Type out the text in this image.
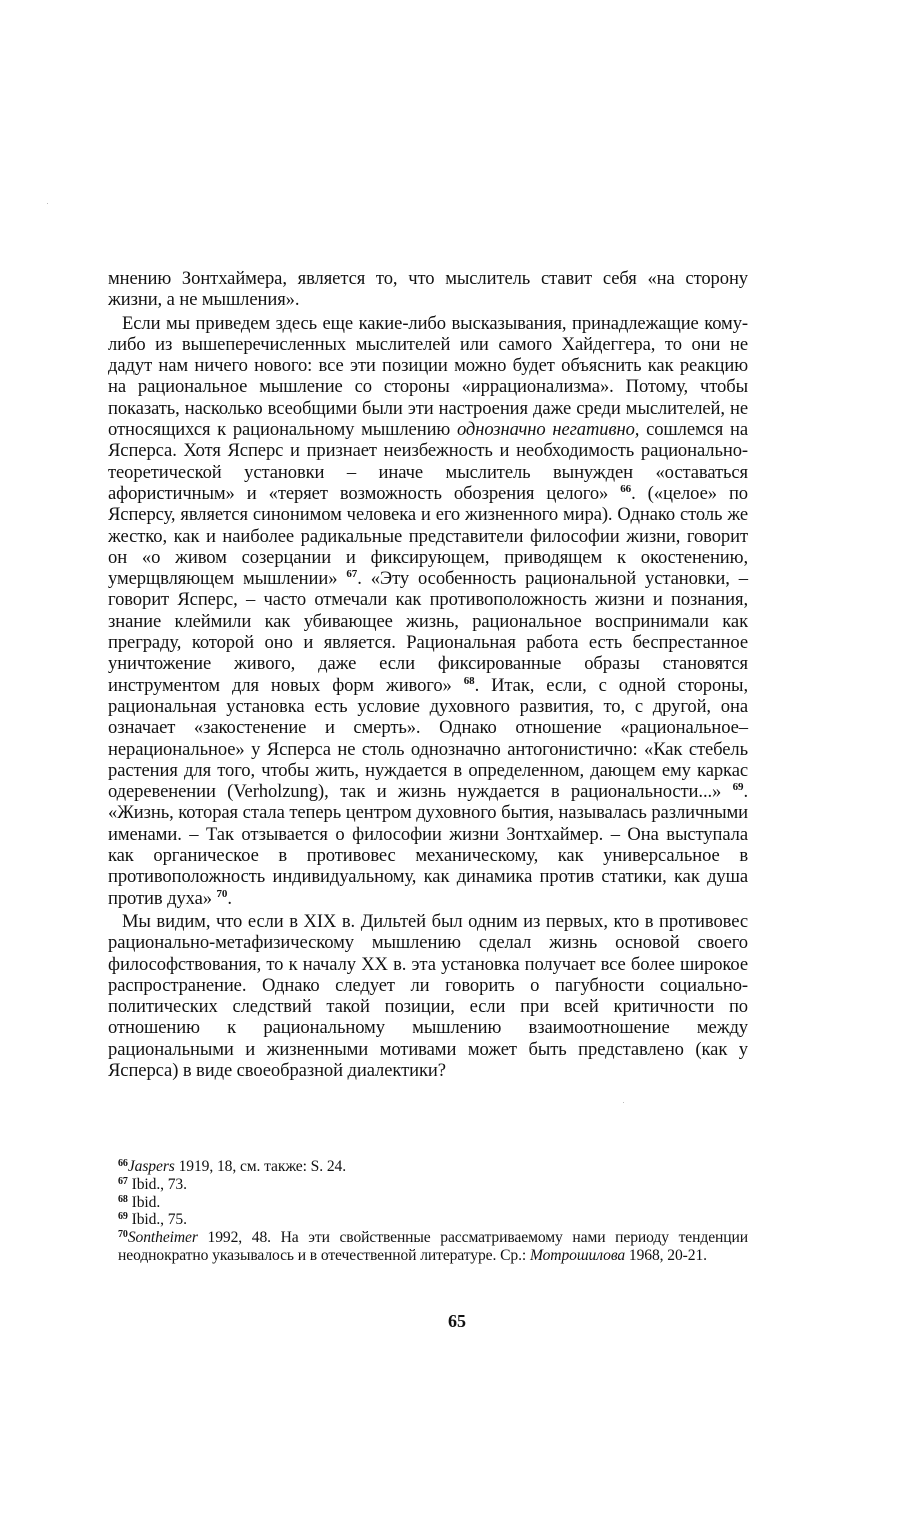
мнению Зонтхаймера, является то, что мыслитель ставит себя «на сторону жизни, а не мышления».

Если мы приведем здесь еще какие-либо высказывания, принадлежащие кому-либо из вышеперечисленных мыслителей или самого Хайдеггера, то они не дадут нам ничего нового: все эти позиции можно будет объяснить как реакцию на рациональное мышление со стороны «иррационализма». Потому, чтобы показать, насколько всеобщими были эти настроения даже среди мыслителей, не относящихся к рациональному мышлению однозначно негативно, сошлемся на Ясперса. Хотя Ясперс и признает неизбежность и необходимость рационально-теоретической установки – иначе мыслитель вынужден «оставаться афористичным» и «теряет возможность обозрения целого» $^{66}$. («целое» по Ясперсу, является синонимом человека и его жизненного мира). Однако столь же жестко, как и наиболее радикальные представители философии жизни, говорит он «о живом созерцании и фиксирующем, приводящем к окостенению, умерщвляющем мышлении» $^{67}$. «Эту особенность рациональной установки, – говорит Ясперс, – часто отмечали как противоположность жизни и познания, знание клеймили как убивающее жизнь, рациональное воспринимали как преграду, которой оно и является. Рациональная работа есть беспрестанное уничтожение живого, даже если фиксированные образы становятся инструментом для новых форм живого» $^{68}$. Итак, если, с одной стороны, рациональная установка есть условие духовного развития, то, с другой, она означает «закостенение и смерть». Однако отношение «рациональное–нерациональное» у Ясперса не столь однозначно антогонистично: «Как стебель растения для того, чтобы жить, нуждается в определенном, дающем ему каркас одеревенении (Verholzung), так и жизнь нуждается в рациональности...» $^{69}$. «Жизнь, которая стала теперь центром духовного бытия, называлась различными именами. – Так отзывается о философии жизни Зонтхаймер. – Она выступала как органическое в противовес механическому, как универсальное в противоположность индивидуальному, как динамика против статики, как душа против духа» $^{70}$.

Мы видим, что если в XIX в. Дильтей был одним из первых, кто в противовес рационально-метафизическому мышлению сделал жизнь основой своего философствования, то к началу XX в. эта установка получает все более широкое распространение. Однако следует ли говорить о пагубности социально-политических следствий такой позиции, если при всей критичности по отношению к рациональному мышлению взаимоотношение между рациональными и жизненными мотивами может быть представлено (как у Ясперса) в виде своеобразной диалектики?

$^{66}$Jaspers 1919, 18, см. также: S. 24.

$^{67}$ Ibid., 73.

$^{68}$ Ibid.

$^{69}$ Ibid., 75.

$^{70}$Sontheimer 1992, 48. На эти свойственные рассматриваемому нами периоду тенденции неоднократно указывалось и в отечественной литературе. Ср.: Мотрошилова 1968, 20-21.

65
